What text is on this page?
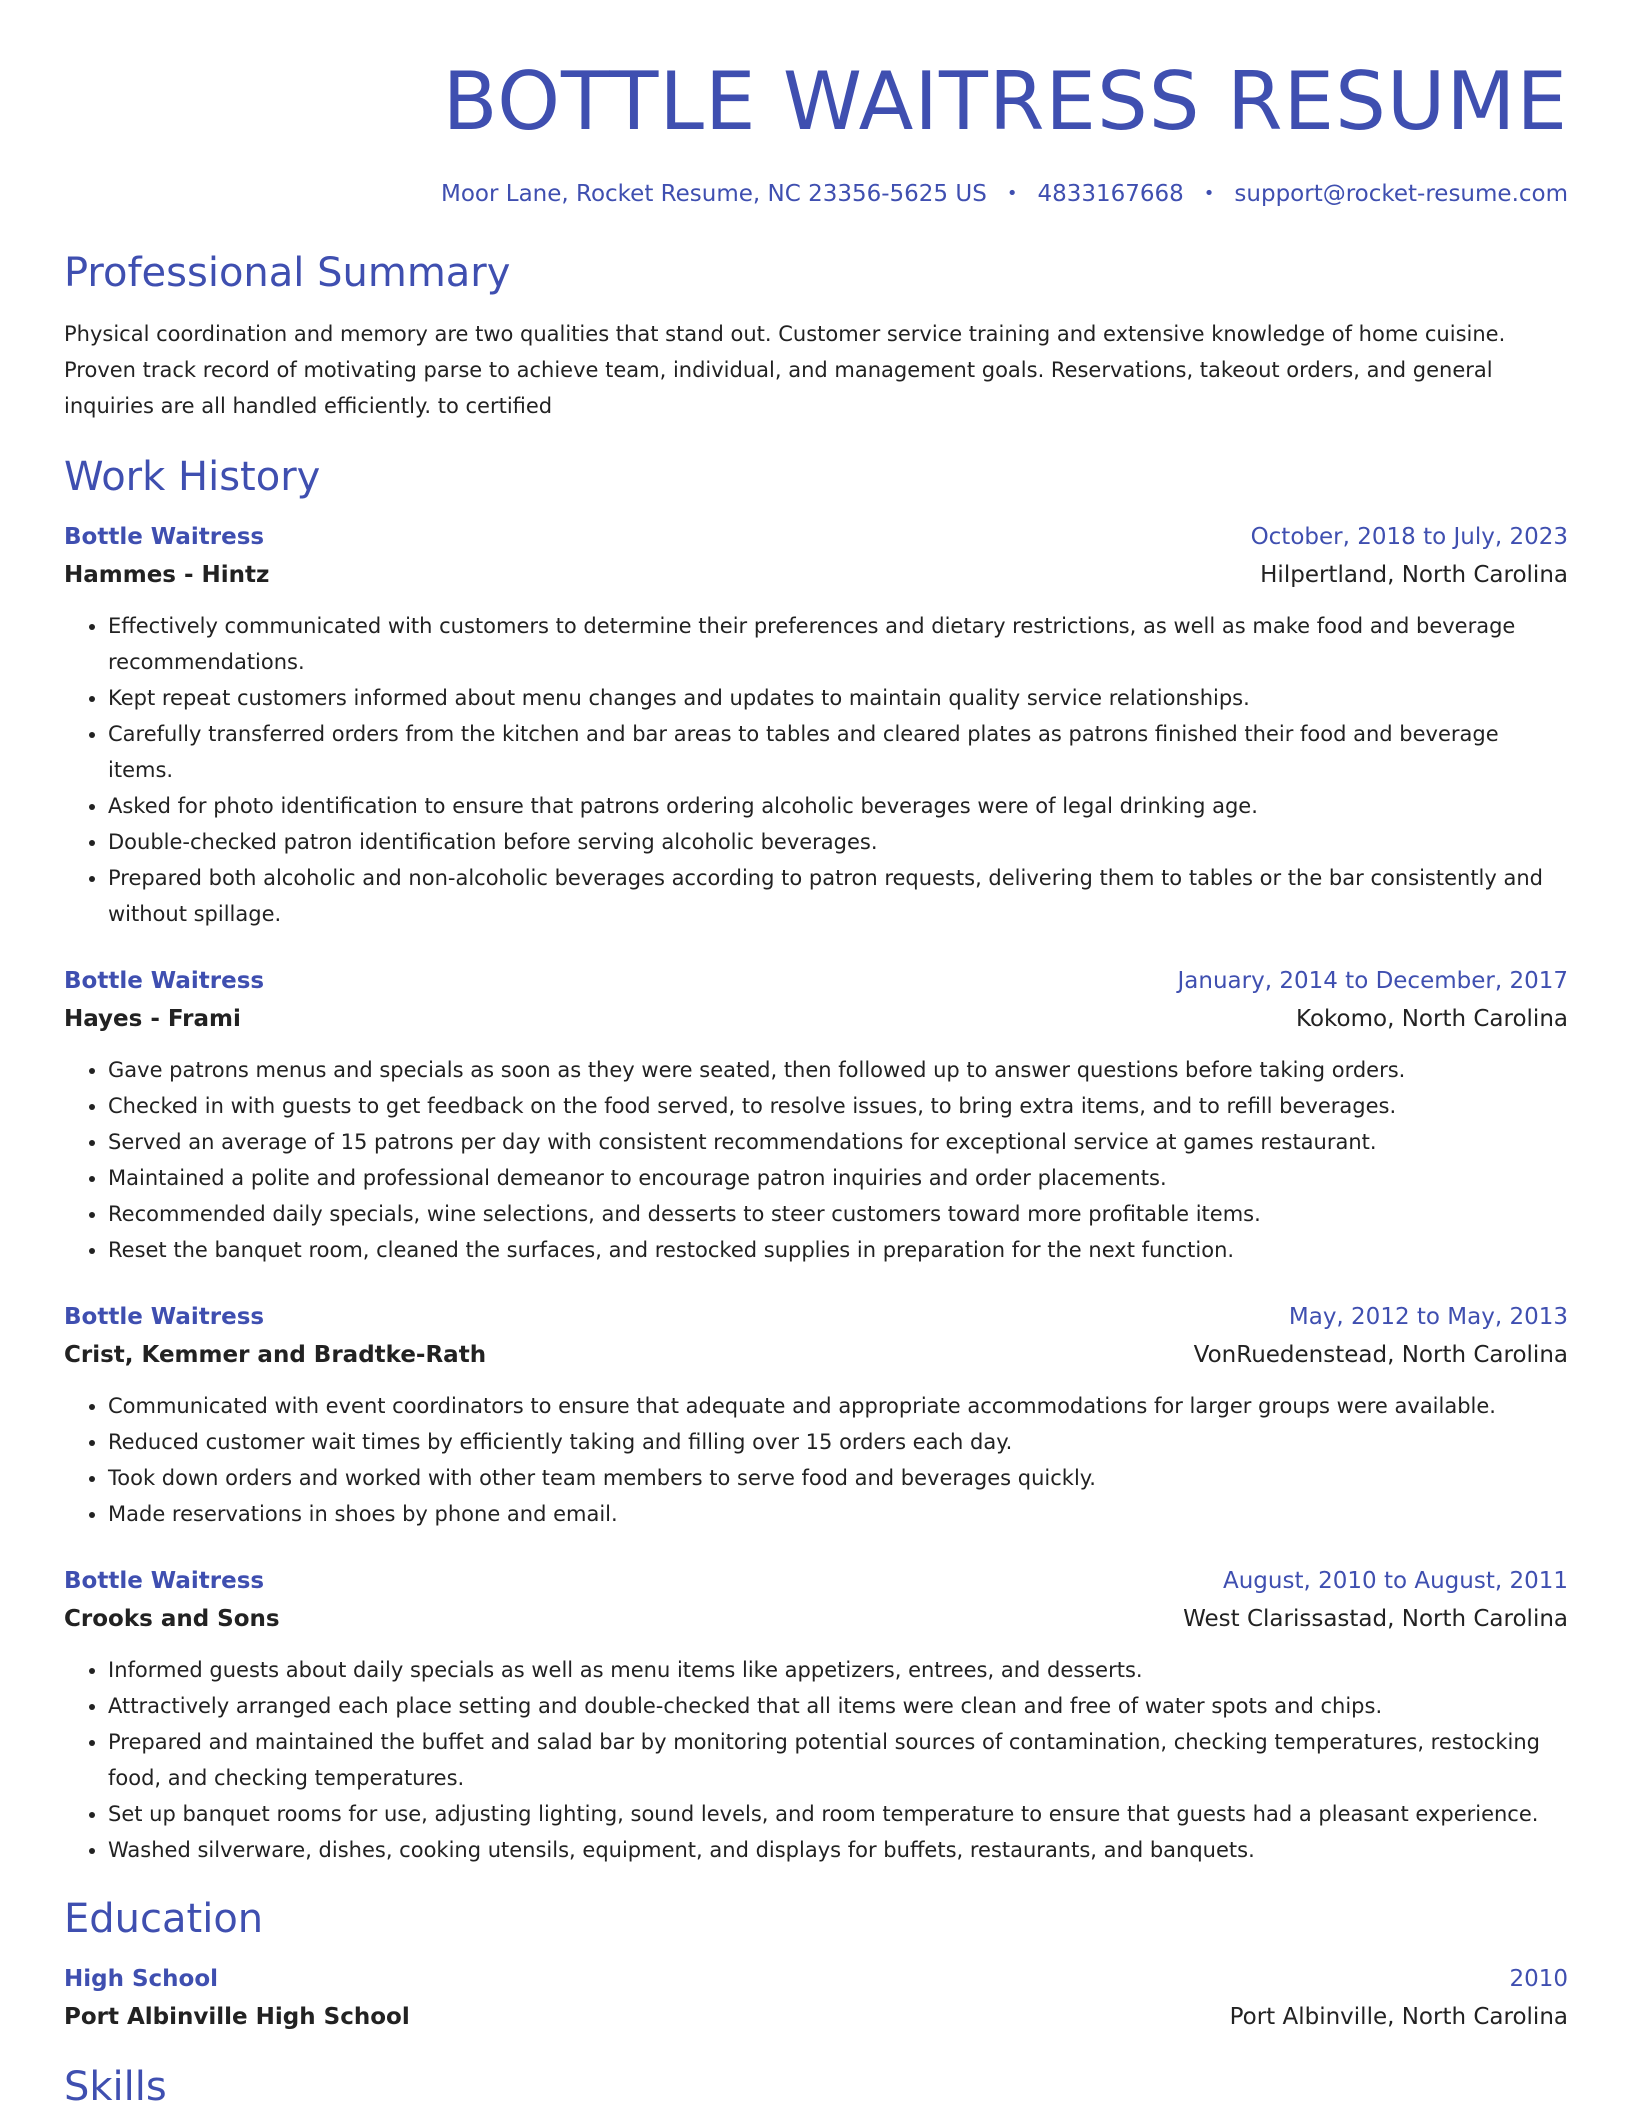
BOTTLE WAITRESS RESUME
Moor Lane, Rocket Resume, NC 23356-5625 US • 4833167668 • support@rocket-resume.com
Professional Summary

Physical coordination and memory are two qualities that stand out. Customer service training and extensive knowledge of home cuisine. Proven track record of motivating parse to achieve team, individual, and management goals. Reservations, takeout orders, and general inquiries are all handled efficiently. to certified

Work History
Bottle Waitress	October, 2018 to July, 2023
Hammes - Hintz	Hilpertland, North Carolina
• Effectively communicated with customers to determine their preferences and dietary restrictions, as well as make food and beverage recommendations.
• Kept repeat customers informed about menu changes and updates to maintain quality service relationships.
• Carefully transferred orders from the kitchen and bar areas to tables and cleared plates as patrons finished their food and beverage items.
• Asked for photo identification to ensure that patrons ordering alcoholic beverages were of legal drinking age.
• Double-checked patron identification before serving alcoholic beverages.
• Prepared both alcoholic and non-alcoholic beverages according to patron requests, delivering them to tables or the bar consistently and without spillage.
Bottle Waitress	January, 2014 to December, 2017
Hayes - Frami	Kokomo, North Carolina
• Gave patrons menus and specials as soon as they were seated, then followed up to answer questions before taking orders.
• Checked in with guests to get feedback on the food served, to resolve issues, to bring extra items, and to refill beverages.
• Served an average of 15 patrons per day with consistent recommendations for exceptional service at games restaurant.
• Maintained a polite and professional demeanor to encourage patron inquiries and order placements.
• Recommended daily specials, wine selections, and desserts to steer customers toward more profitable items.
• Reset the banquet room, cleaned the surfaces, and restocked supplies in preparation for the next function.
Bottle Waitress	May, 2012 to May, 2013
Crist, Kemmer and Bradtke-Rath	VonRuedenstead, North Carolina
• Communicated with event coordinators to ensure that adequate and appropriate accommodations for larger groups were available.
• Reduced customer wait times by efficiently taking and filling over 15 orders each day.
• Took down orders and worked with other team members to serve food and beverages quickly.
• Made reservations in shoes by phone and email.
Bottle Waitress	August, 2010 to August, 2011
Crooks and Sons	West Clarissastad, North Carolina
• Informed guests about daily specials as well as menu items like appetizers, entrees, and desserts.
• Attractively arranged each place setting and double-checked that all items were clean and free of water spots and chips.
• Prepared and maintained the buffet and salad bar by monitoring potential sources of contamination, checking temperatures, restocking food, and checking temperatures.
• Set up banquet rooms for use, adjusting lighting, sound levels, and room temperature to ensure that guests had a pleasant experience.
• Washed silverware, dishes, cooking utensils, equipment, and displays for buffets, restaurants, and banquets.
Education
High School	2010
Port Albinville High School	Port Albinville, North Carolina
Skills
